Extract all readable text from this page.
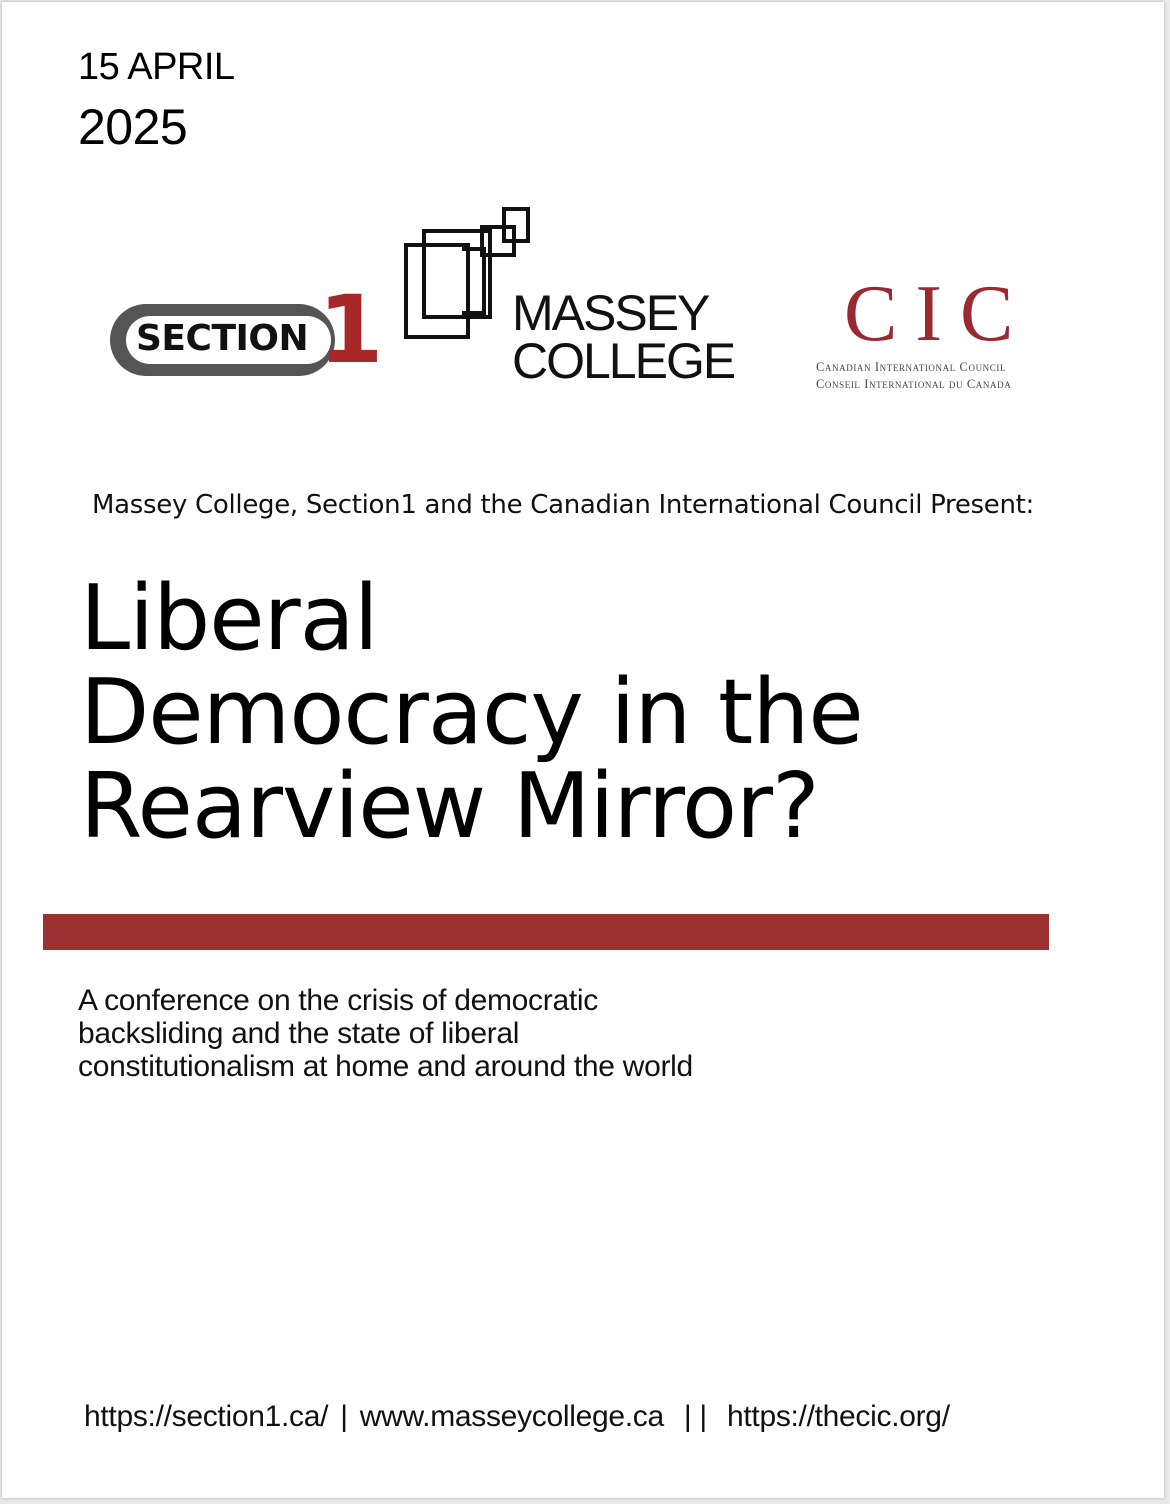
15 APRIL
2025
SECTION 1	MASSEY
COLLEGE
CIC
Canadian International Council
Conseil International du Canada
Massey College, Section1 and the Canadian International Council Present:
Liberal
Democracy in the
Rearview Mirror?
A conference on the crisis of democratic backsliding and the state of liberal constitutionalism at home and around the world
https://section1.ca/ | www.masseycollege.ca | | https://thecic.org/
